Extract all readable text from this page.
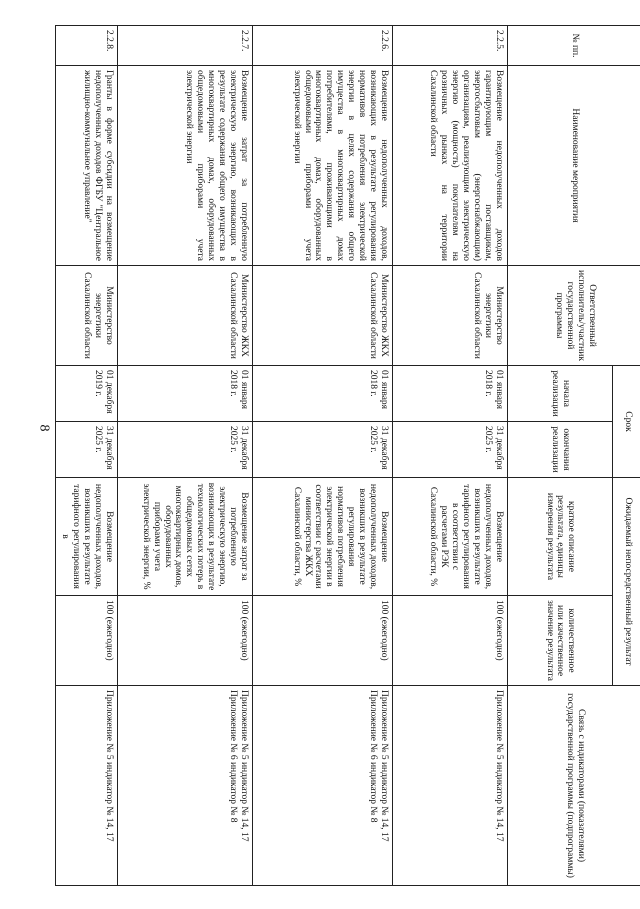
8
№ пп.	Наименование мероприятия	Ответственный исполнитель/участник государственной программы	Срок		Ожидаемый непосредственный результат		Связь с индикаторами (показателями) государственной программы (подпрограммы)
			начала реализации	окончания реализации	краткое описание результата, единицы измерения результата	количественное или качественное значение результата	
2.2.5.	Возмещение недополученных доходов гарантирующим поставщикам, энергосбытовым (энергоснабжающим) организациям, реализующим электрическую энергию (мощность) покупателям на розничных рынках на территории Сахалинской области	Министерство энергетики Сахалинской области	01 января 2018 г.	31 декабря 2025 г.	Возмещение недополученных доходов, возникших в результате тарифного регулирования в соответствии с расчетами РЭК Сахалинской области, %	100 (ежегодно)	Приложение № 5 индикатор № 14, 17
2.2.6.	Возмещение недополученных доходов, возникающих в результате регулирования нормативов потребления электрической энергии в целях содержания общего имущества в многоквартирных домах потребителями, проживающими в многоквартирных домах, оборудованных общедомовыми приборами учета электрической энергии	Министерство ЖКХ Сахалинской области	01 января 2018 г.	31 декабря 2025 г.	Возмещение недополученных доходов, возникших в результате регулирования нормативов потребления электрической энергии в соответствии с расчетами министерства ЖКХ Сахалинской области, %	100 (ежегодно)	Приложение № 5 индикатор № 14, 17 Приложение № 6 индикатор № 8
2.2.7.	Возмещение затрат за потребленную электрическую энергию, возникающих в результате содержания общего имущества в многоквартирных домах, оборудованных общедомовыми приборами учета электрической энергии	Министерство ЖКХ Сахалинской области	01 января 2018 г.	31 декабря 2025 г.	Возмещение затрат за потребленную электрическую энергию, возникающих в результате технологических потерь в общедомовых сетях многоквартирных домов, оборудованных приборами учета электрической энергии, %	100 (ежегодно)	Приложение № 5 индикатор № 14, 17 Приложение № 6 индикатор № 8
2.2.8.	Гранты в форме субсидии на возмещение недополученных доходов ФГБУ "Центральное жилищно-коммунальное управление"	Министерство энергетики Сахалинской области	01 декабря 2019 г.	31 декабря 2025 г.	Возмещение недополученных доходов, возникших в результате тарифного регулирования в	100 (ежегодно)	Приложение № 5 индикатор № 14, 17
